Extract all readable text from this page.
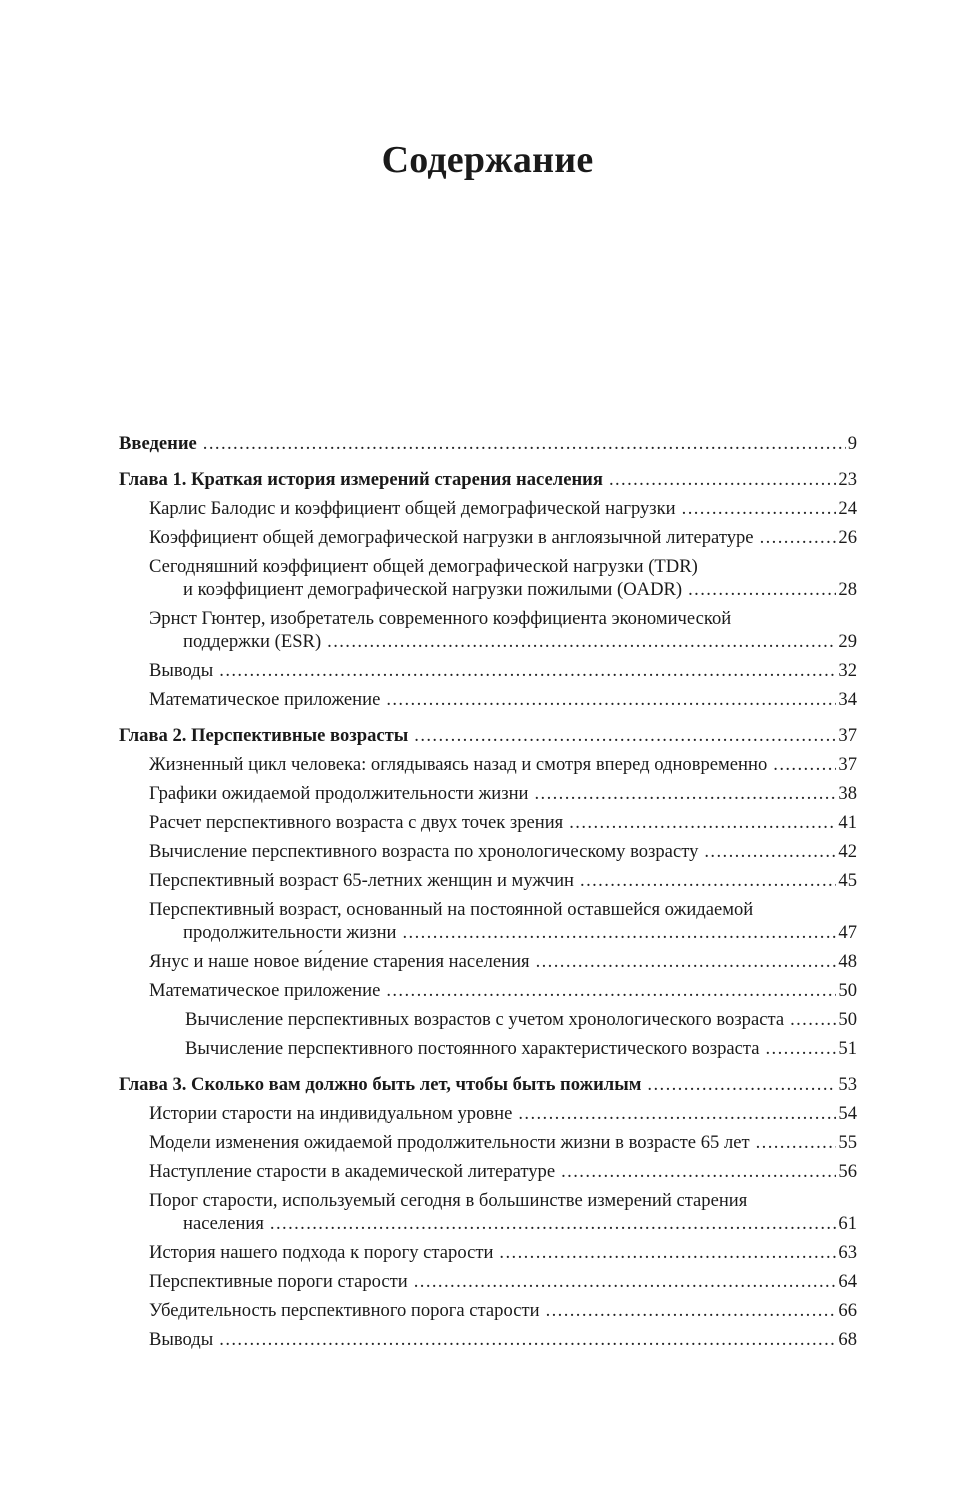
Содержание
Введение .....	9
Глава 1. Краткая история измерений старения населения .....	23
Карлис Балодис и коэффициент общей демографической нагрузки .....	24
Коэффициент общей демографической нагрузки в англоязычной литературе .....	26
Сегодняшний коэффициент общей демографической нагрузки (TDR)
и коэффициент демографической нагрузки пожилыми (OADR) .....	28
Эрнст Гюнтер, изобретатель современного коэффициента экономической
поддержки (ESR) .....	29
Выводы .....	32
Математическое приложение .....	34
Глава 2. Перспективные возрасты .....	37
Жизненный цикл человека: оглядываясь назад и смотря вперед одновременно .....	37
Графики ожидаемой продолжительности жизни .....	38
Расчет перспективного возраста с двух точек зрения .....	41
Вычисление перспективного возраста по хронологическому возрасту .....	42
Перспективный возраст 65-летних женщин и мужчин .....	45
Перспективный возраст, основанный на постоянной оставшейся ожидаемой
продолжительности жизни .....	47
Янус и наше новое ви́дение старения населения .....	48
Математическое приложение .....	50
Вычисление перспективных возрастов с учетом хронологического возраста .....	50
Вычисление перспективного постоянного характеристического возраста .....	51
Глава 3. Сколько вам должно быть лет, чтобы быть пожилым .....	53
Истории старости на индивидуальном уровне .....	54
Модели изменения ожидаемой продолжительности жизни в возрасте 65 лет .....	55
Наступление старости в академической литературе .....	56
Порог старости, используемый сегодня в большинстве измерений старения
населения .....	61
История нашего подхода к порогу старости .....	63
Перспективные пороги старости .....	64
Убедительность перспективного порога старости .....	66
Выводы .....	68
